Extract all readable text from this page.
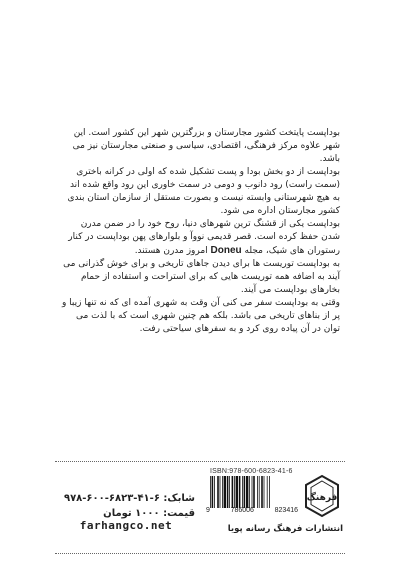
بوداپست پایتخت کشور مجارستان و بزرگترین شهر این کشور است. این شهر علاوه مرکز فرهنگی، اقتصادی، سیاسی و صنعتی مجارستان نیز می باشد.

بوداپست از دو بخش بودا و پست تشکیل شده که اولی در کرانه باختری (سمت راست) رود دانوب و دومی در سمت خاوری این رود واقع شده اند به هیچ شهرستانی وابسته نیست و بصورت مستقل از سازمان استان بندی کشور مجارستان اداره می شود.

بوداپست یکی از قشنگ ترین شهرهای دنیا، روح خود را در ضمن مدرن شدن حفظ کرده است. قصر قدیمی نووآ و بلوارهای پهن بوداپست در کنار رستوران های شیک، مجله Doneu امروز مدرن هستند.

به بوداپست توریست ها برای دیدن جاهای تاریخی و برای خوش گذرانی می آیند به اضافه همه توریست هایی که برای استراحت و استفاده از حمام بخارهای بوداپست می آیند.

وقتی به بوداپست سفر می کنی آن وقت به شهری آمده ای که نه تنها زیبا و پر از بناهای تاریخی می باشد. بلکه هم چنین شهری است که با لذت می توان در آن پیاده روی کرد و به سفرهای سیاحتی رفت.

ISBN:978-600-6823-41-6
9	786006	823416
فرهنگ
شابک: ۹۷۸-۶۰۰-۶۸۲۳-۴۱-۶
قیمت: ۱۰۰۰ تومان
انتشارات فرهنگ رسانه پویا
farhangco.net
